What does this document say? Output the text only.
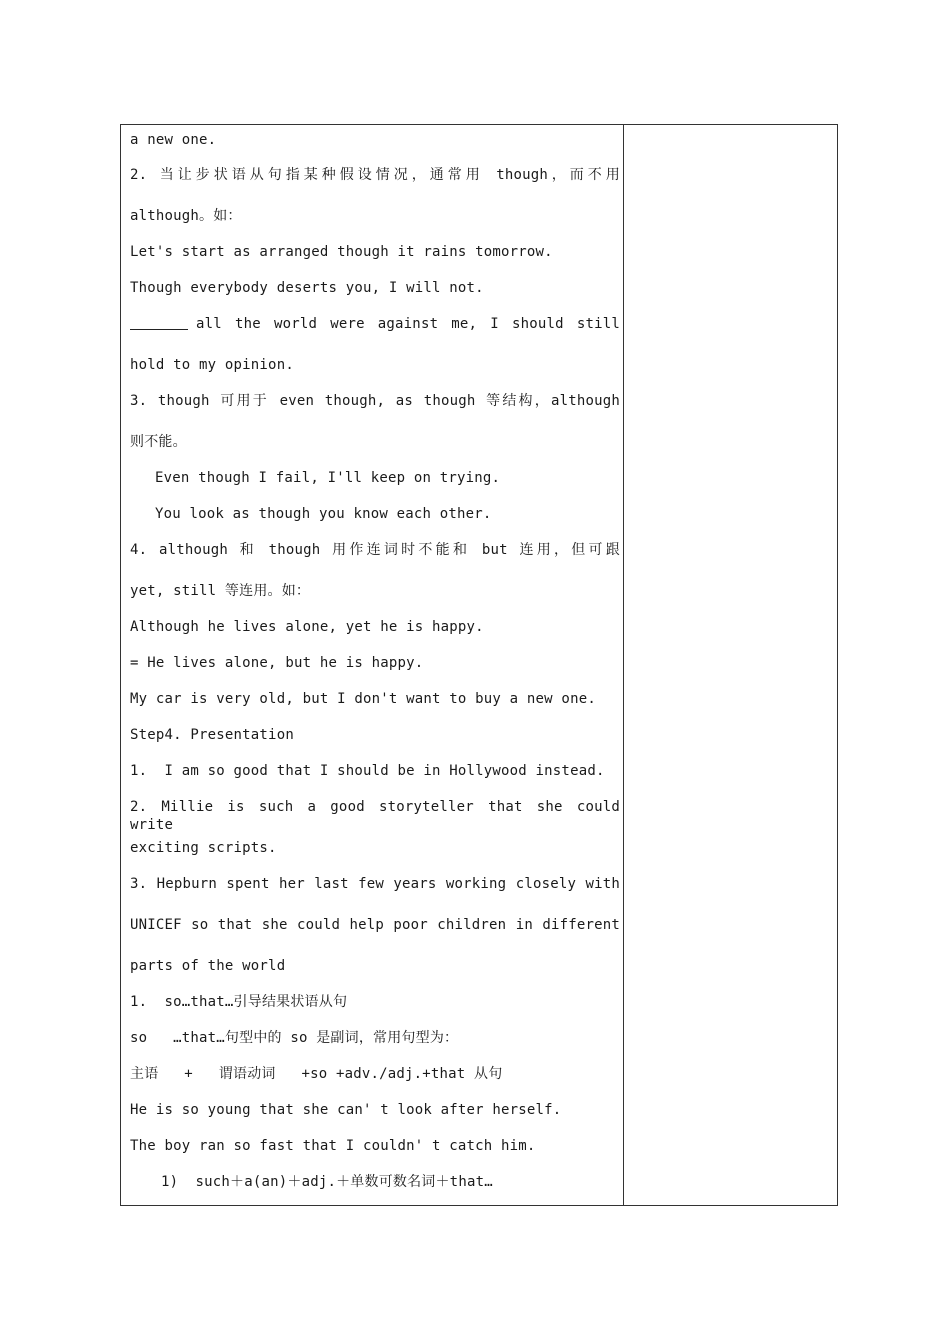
a new one.
2. 当让步状语从句指某种假设情况，通常用 though，而不用
although。如：
Let's start as arranged though it rains tomorrow.
Though everybody deserts you, I will not.
all the world were against me, I should still
hold to my opinion.
3. though 可用于 even though, as though 等结构，although
则不能。
Even though I fail, I'll keep on trying.
You look as though you know each other.
4. although 和 though 用作连词时不能和 but 连用，但可跟
yet, still 等连用。如：
Although he lives alone, yet he is happy.
= He lives alone, but he is happy.
My car is very old, but I don't want to buy a new one.
Step4. Presentation
1.  I am so good that I should be in Hollywood instead.
2. Millie is such a good storyteller that she could write
exciting scripts.
3. Hepburn spent her last few years working closely with
UNICEF so that she could help poor children in different
parts of the world
1.  so…that…引导结果状语从句
so   …that…句型中的 so 是副词，常用句型为：
主语   +   谓语动词   +so +adv./adj.+that 从句
He is so young that she can' t look after herself.
The boy ran so fast that I couldn' t catch him.
1)  such＋a(an)＋adj.＋单数可数名词＋that…
